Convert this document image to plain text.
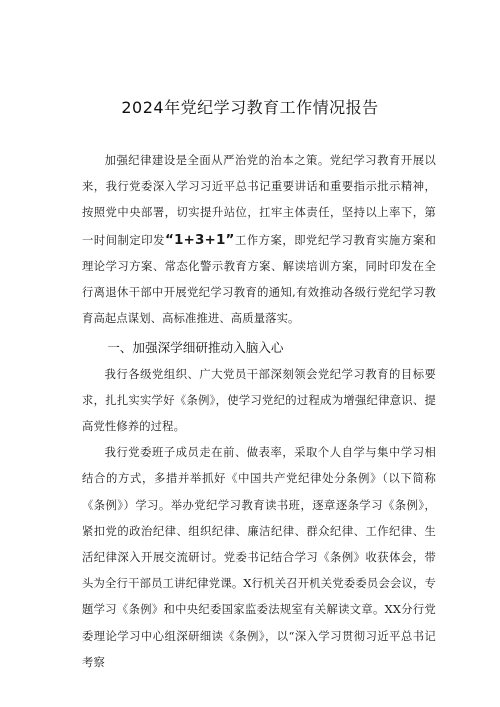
2024年党纪学习教育工作情况报告

加强纪律建设是全面从严治党的治本之策。党纪学习教育开展以来，我行党委深入学习习近平总书记重要讲话和重要指示批示精神，按照党中央部署，切实提升站位，扛牢主体责任，坚持以上率下，第一时间制定印发“1+3+1”工作方案，即党纪学习教育实施方案和理论学习方案、常态化警示教育方案、解读培训方案，同时印发在全行离退休干部中开展党纪学习教育的通知,有效推动各级行党纪学习教育高起点谋划、高标准推进、高质量落实。

一、加强深学细研推动入脑入心

我行各级党组织、广大党员干部深刻领会党纪学习教育的目标要求，扎扎实实学好《条例》，使学习党纪的过程成为增强纪律意识、提高党性修养的过程。

我行党委班子成员走在前、做表率，采取个人自学与集中学习相结合的方式，多措并举抓好《中国共产党纪律处分条例》（以下简称《条例》）学习。举办党纪学习教育读书班，逐章逐条学习《条例》，紧扣党的政治纪律、组织纪律、廉洁纪律、群众纪律、工作纪律、生活纪律深入开展交流研讨。党委书记结合学习《条例》收获体会，带头为全行干部员工讲纪律党课。X行机关召开机关党委委员会会议，专题学习《条例》和中央纪委国家监委法规室有关解读文章。XX分行党委理论学习中心组深研细读《条例》，以“深入学习贯彻习近平总书记考察
